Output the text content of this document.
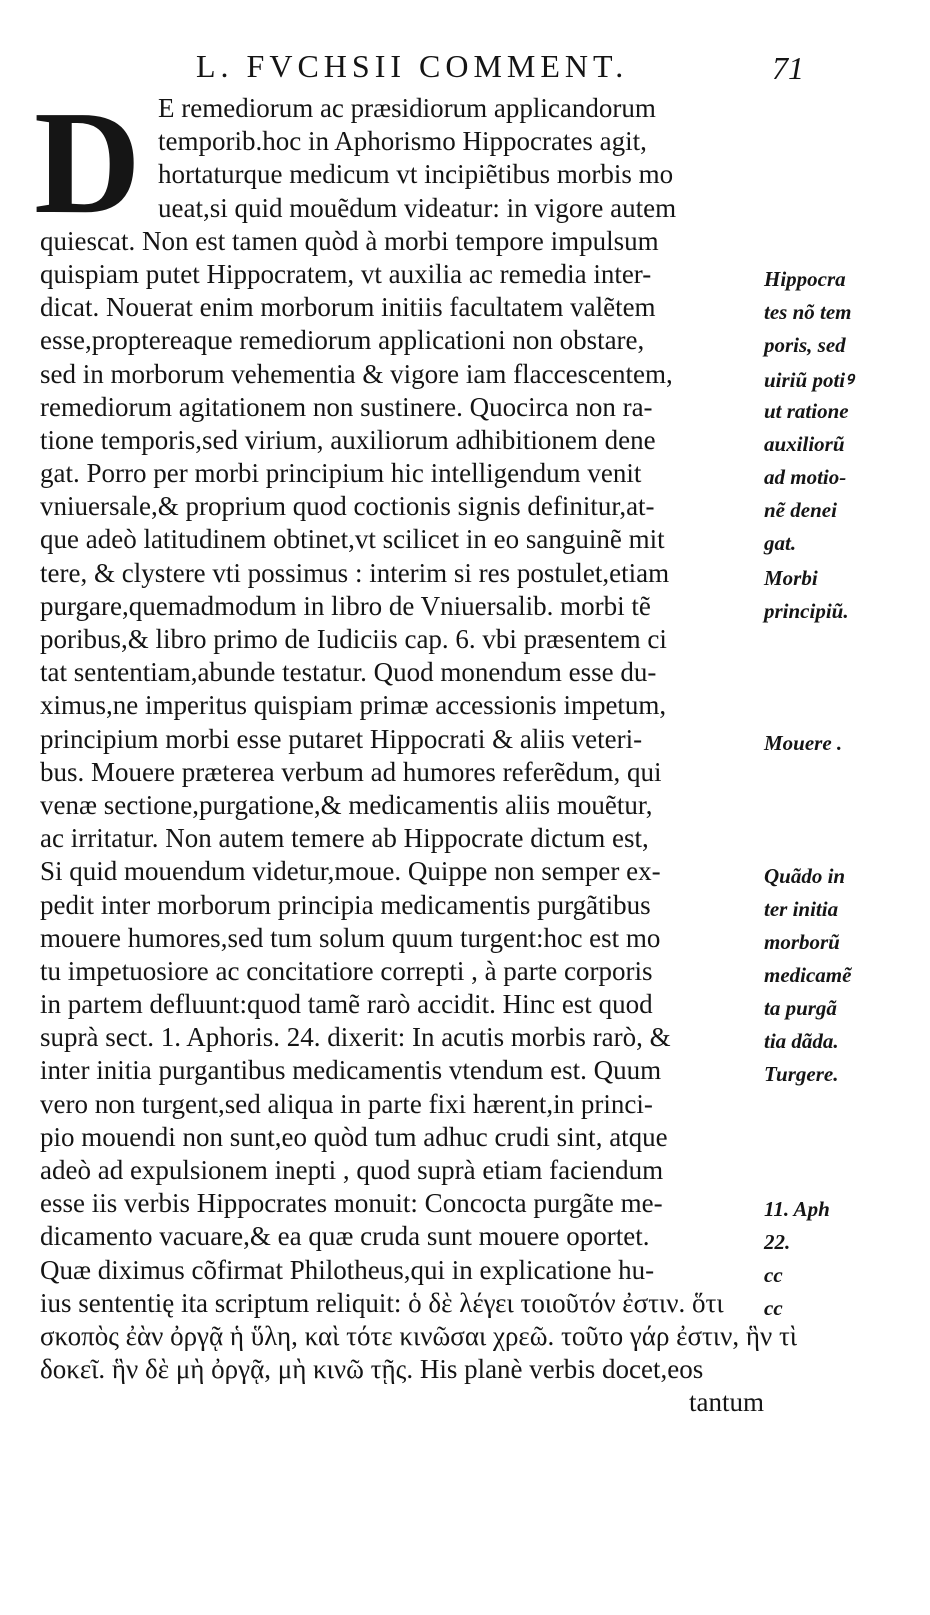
L. FVCHSII COMMENT.	71
D E remediorum ac præsidiorum applicandorum
temporib.hoc in Aphorismo Hippocrates agit,
hortaturque medicum vt incipiẽtibus morbis mo
ueat,si quid mouẽdum videatur: in vigore autem
quiescat. Non est tamen quòd à morbi tempore impulsum
quispiam putet Hippocratem, vt auxilia ac remedia inter-
dicat. Nouerat enim morborum initiis facultatem valẽtem
esse,proptereaque remediorum applicationi non obstare,
sed in morborum vehementia & vigore iam flaccescentem,
remediorum agitationem non sustinere. Quocirca non ra-
tione temporis,sed virium, auxiliorum adhibitionem dene
gat. Porro per morbi principium hic intelligendum venit
vniuersale,& proprium quod coctionis signis definitur,at-
que adeò latitudinem obtinet,vt scilicet in eo sanguinẽ mit
tere, & clystere vti possimus : interim si res postulet,etiam
purgare,quemadmodum in libro de Vniuersalib. morbi tẽ
poribus,& libro primo de Iudiciis cap. 6. vbi præsentem ci
tat sententiam,abunde testatur. Quod monendum esse du-
ximus,ne imperitus quispiam primæ accessionis impetum,
principium morbi esse putaret Hippocrati & aliis veteri-
bus. Mouere præterea verbum ad humores referẽdum, qui
venæ sectione,purgatione,& medicamentis aliis mouẽtur,
ac irritatur. Non autem temere ab Hippocrate dictum est,
Si quid mouendum videtur,moue. Quippe non semper ex-
pedit inter morborum principia medicamentis purgãtibus
mouere humores,sed tum solum quum turgent:hoc est mo
tu impetuosiore ac concitatiore correpti , à parte corporis
in partem defluunt:quod tamẽ rarò accidit. Hinc est quod
suprà sect. 1. Aphoris. 24. dixerit: In acutis morbis rarò, &
inter initia purgantibus medicamentis vtendum est. Quum
vero non turgent,sed aliqua in parte fixi hærent,in princi-
pio mouendi non sunt,eo quòd tum adhuc crudi sint, atque
adeò ad expulsionem inepti , quod suprà etiam faciendum
esse iis verbis Hippocrates monuit: Concocta purgãte me-
dicamento vacuare,& ea quæ cruda sunt mouere oportet.
Quæ diximus cõfirmat Philotheus,qui in explicatione hu-
ius sententię ita scriptum reliquit: ὁ δὲ λέγει τοιοῦτόν ἐστιν. ὅτι
σκοπὸς ἐὰν ὀργᾷ ἡ ὕλη, καὶ τότε κινῶσαι χρεῶ. τοῦτο γάρ ἐστιν, ἣν τὶ
δοκεῖ. ἣν δὲ μὴ ὀργᾷ, μὴ κινῶ τῇς. His planè verbis docet,eos
tantum
Hippocra
tes nõ tem
poris, sed
uiriũ potiꝰ
ut ratione
auxiliorũ
ad motio-
nẽ denei
gat.
Morbi
principiũ.
Mouere .
Quãdo in
ter initia
morborũ
medicamẽ
ta purgã
tia dãda.
Turgere.
11. Aph
22.
cc
cc
